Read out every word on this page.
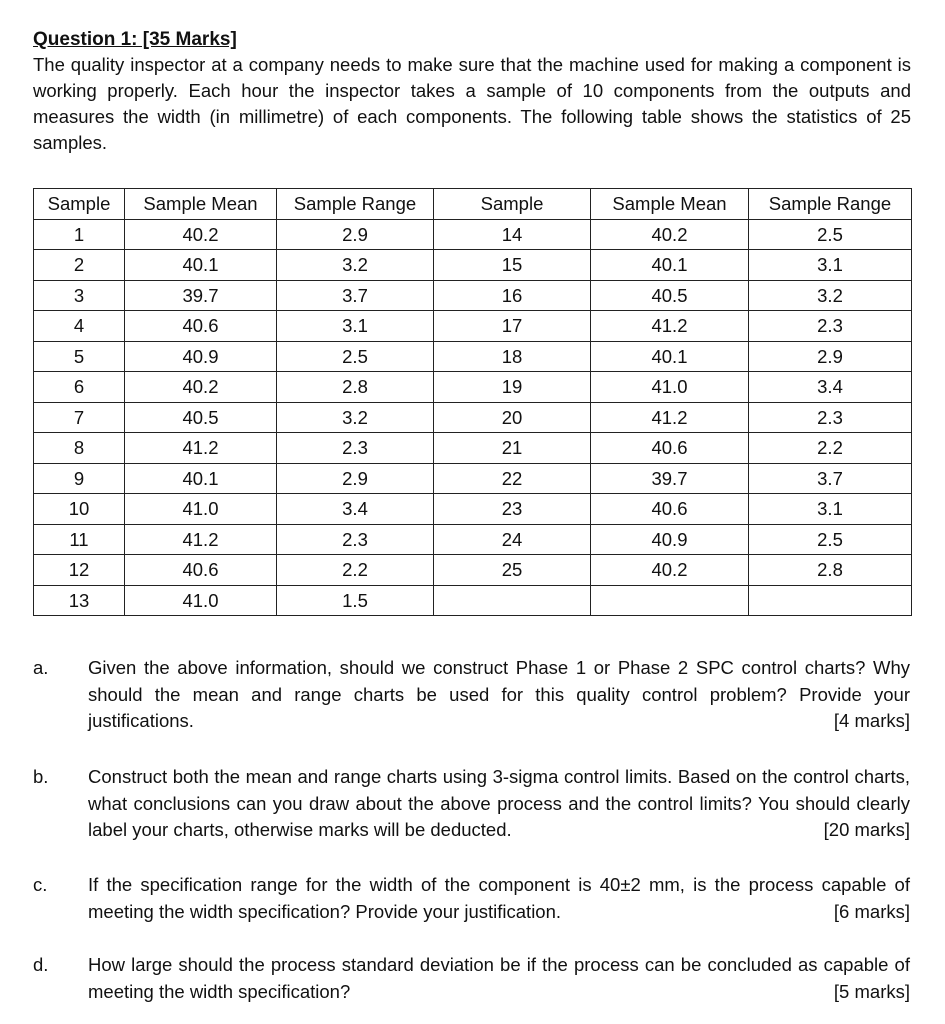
Question 1: [35 Marks]

The quality inspector at a company needs to make sure that the machine used for making a component is working properly. Each hour the inspector takes a sample of 10 components from the outputs and measures the width (in millimetre) of each components. The following table shows the statistics of 25 samples.

Sample	Sample Mean	Sample Range	Sample	Sample Mean	Sample Range
1	40.2	2.9	14	40.2	2.5
2	40.1	3.2	15	40.1	3.1
3	39.7	3.7	16	40.5	3.2
4	40.6	3.1	17	41.2	2.3
5	40.9	2.5	18	40.1	2.9
6	40.2	2.8	19	41.0	3.4
7	40.5	3.2	20	41.2	2.3
8	41.2	2.3	21	40.6	2.2
9	40.1	2.9	22	39.7	3.7
10	41.0	3.4	23	40.6	3.1
11	41.2	2.3	24	40.9	2.5
12	40.6	2.2	25	40.2	2.8
13	41.0	1.5			
a. Given the above information, should we construct Phase 1 or Phase 2 SPC control charts? Why should the mean and range charts be used for this quality control problem? Provide your justifications.	[4 marks]

b. Construct both the mean and range charts using 3-sigma control limits. Based on the control charts, what conclusions can you draw about the above process and the control limits? You should clearly label your charts, otherwise marks will be deducted.	[20 marks]

c. If the specification range for the width of the component is 40±2 mm, is the process capable of meeting the width specification? Provide your justification.	[6 marks]

d. How large should the process standard deviation be if the process can be concluded as capable of meeting the width specification?	[5 marks]
